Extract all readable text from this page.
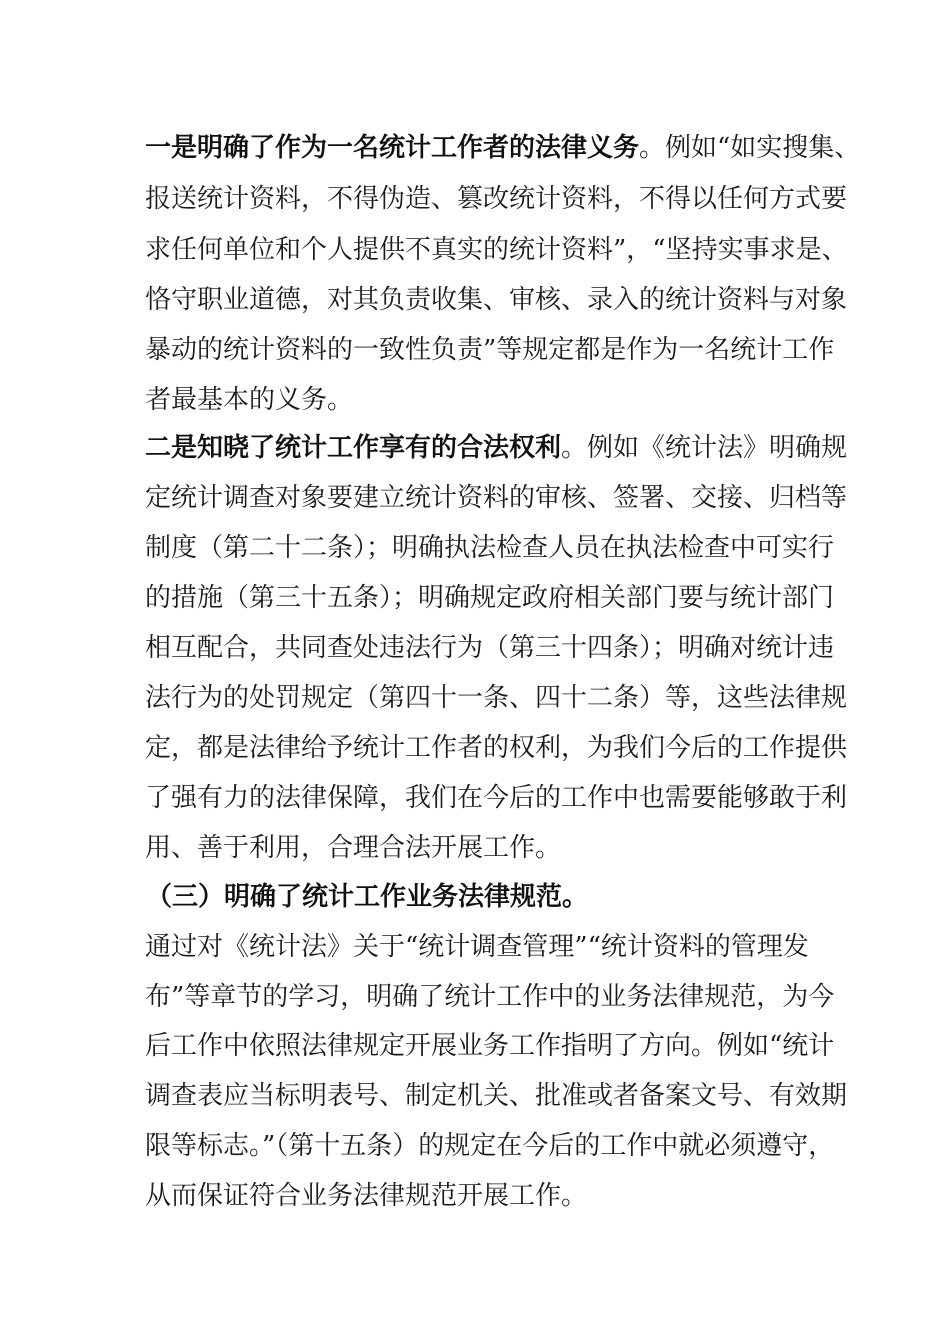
一是明确了作为一名统计工作者的法律义务。例如“如实搜集、

报送统计资料，不得伪造、篡改统计资料，不得以任何方式要

求任何单位和个人提供不真实的统计资料”，“坚持实事求是、

恪守职业道德，对其负责收集、审核、录入的统计资料与对象

暴动的统计资料的一致性负责”等规定都是作为一名统计工作

者最基本的义务。

二是知晓了统计工作享有的合法权利。例如《统计法》明确规

定统计调查对象要建立统计资料的审核、签署、交接、归档等

制度（第二十二条）；明确执法检查人员在执法检查中可实行

的措施（第三十五条）；明确规定政府相关部门要与统计部门

相互配合，共同查处违法行为（第三十四条）；明确对统计违

法行为的处罚规定（第四十一条、四十二条）等，这些法律规

定，都是法律给予统计工作者的权利，为我们今后的工作提供

了强有力的法律保障，我们在今后的工作中也需要能够敢于利

用、善于利用，合理合法开展工作。

（三）明确了统计工作业务法律规范。

通过对《统计法》关于“统计调查管理”“统计资料的管理发

布”等章节的学习，明确了统计工作中的业务法律规范，为今

后工作中依照法律规定开展业务工作指明了方向。例如“统计

调查表应当标明表号、制定机关、批准或者备案文号、有效期

限等标志。”（第十五条）的规定在今后的工作中就必须遵守，

从而保证符合业务法律规范开展工作。
